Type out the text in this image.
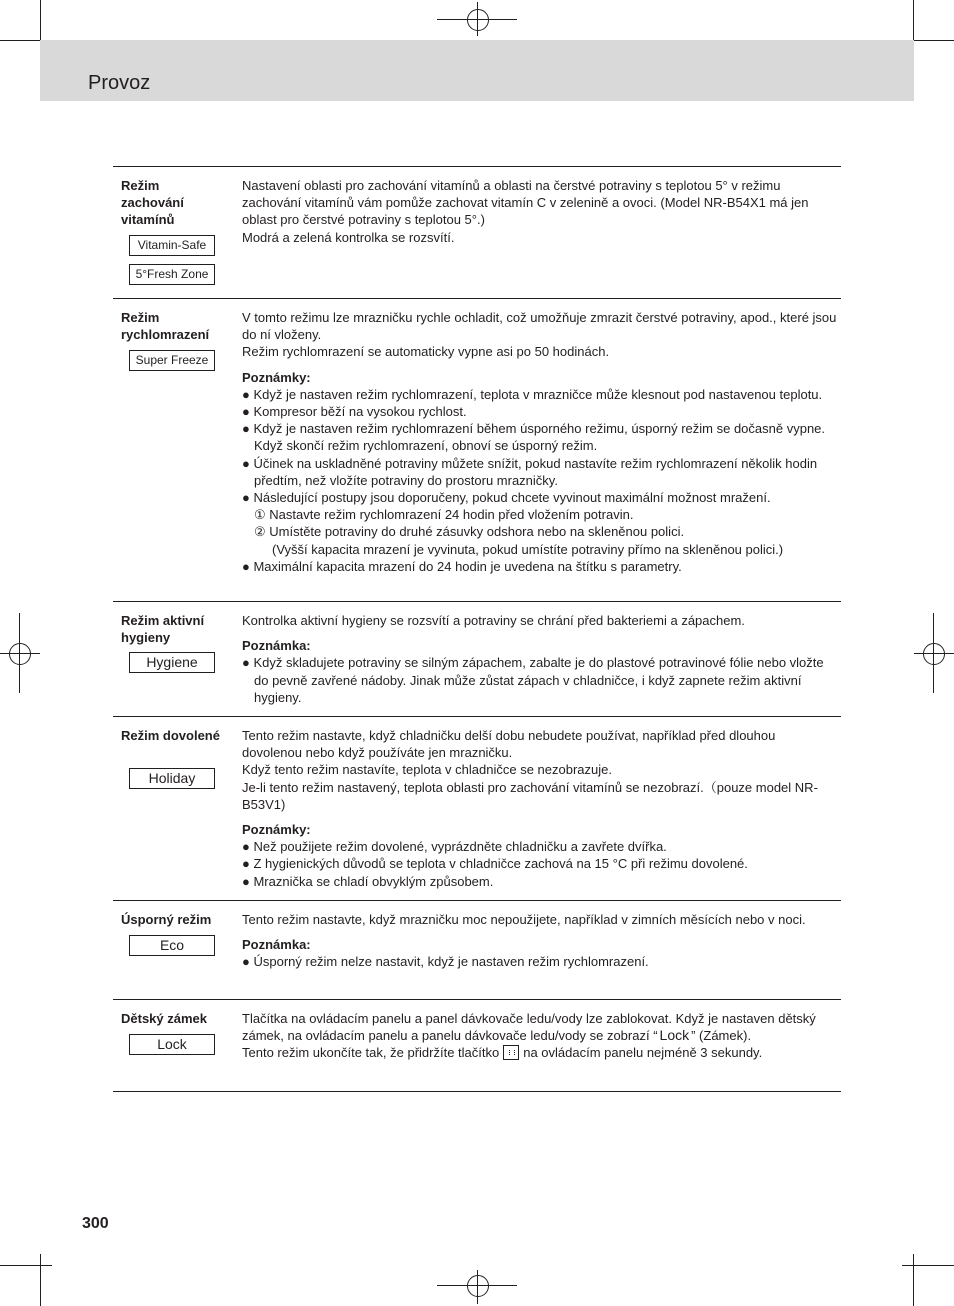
Provoz
Režim zachování vitamínů
Vitamin-Safe
5°Fresh Zone

Nastavení oblasti pro zachování vitamínů a oblasti na čerstvé potraviny s teplotou 5° v režimu zachování vitamínů vám pomůže zachovat vitamín C v zelenině a ovoci. (Model NR-B54X1 má jen oblast pro čerstvé potraviny s teplotou 5°.)

Modrá a zelená kontrolka se rozsvítí.

Režim rychlomrazení
Super Freeze

V tomto režimu lze mrazničku rychle ochladit, což umožňuje zmrazit čerstvé potraviny, apod., které jsou do ní vloženy.

Režim rychlomrazení se automaticky vypne asi po 50 hodinách.

Poznámky:

● Když je nastaven režim rychlomrazení, teplota v mrazničce může klesnout pod nastavenou teplotu.

● Kompresor běží na vysokou rychlost.

● Když je nastaven režim rychlomrazení během úsporného režimu, úsporný režim se dočasně vypne. Když skončí režim rychlomrazení, obnoví se úsporný režim.

● Účinek na uskladněné potraviny můžete snížit, pokud nastavíte režim rychlomrazení několik hodin předtím, než vložíte potraviny do prostoru mrazničky.

● Následující postupy jsou doporučeny, pokud chcete vyvinout maximální možnost mražení.

① Nastavte režim rychlomrazení 24 hodin před vložením potravin.

② Umístěte potraviny do druhé zásuvky odshora nebo na skleněnou polici.

(Vyšší kapacita mrazení je vyvinuta, pokud umístíte potraviny přímo na skleněnou polici.)

● Maximální kapacita mrazení do 24 hodin je uvedena na štítku s parametry.

Režim aktivní hygieny
Hygiene

Kontrolka aktivní hygieny se rozsvítí a potraviny se chrání před bakteriemi a zápachem.

Poznámka:

● Když skladujete potraviny se silným zápachem, zabalte je do plastové potravinové fólie nebo vložte do pevně zavřené nádoby. Jinak může zůstat zápach v chladničce, i když zapnete režim aktivní hygieny.

Režim dovolené
Holiday

Tento režim nastavte, když chladničku delší dobu nebudete používat, například před dlouhou dovolenou nebo když používáte jen mrazničku.

Když tento režim nastavíte, teplota v chladničce se nezobrazuje.

Je-li tento režim nastavený, teplota oblasti pro zachování vitamínů se nezobrazí.（pouze model NR-B53V1)

Poznámky:

● Než použijete režim dovolené, vyprázdněte chladničku a zavřete dvířka.

● Z hygienických důvodů se teplota v chladničce zachová na 15 °C při režimu dovolené.

● Mraznička se chladí obvyklým způsobem.

Úsporný režim
Eco

Tento režim nastavte, když mrazničku moc nepoužijete, například v zimních měsících nebo v noci.

Poznámka:

● Úsporný režim nelze nastavit, když je nastaven režim rychlomrazení.

Dětský zámek
Lock

Tlačítka na ovládacím panelu a panel dávkovače ledu/vody lze zablokovat. Když je nastaven dětský zámek, na ovládacím panelu a panelu dávkovače ledu/vody se zobrazí “ Lock ” (Zámek).

Tento režim ukončíte tak, že přidržíte tlačítko na ovládacím panelu nejméně 3 sekundy.

300
